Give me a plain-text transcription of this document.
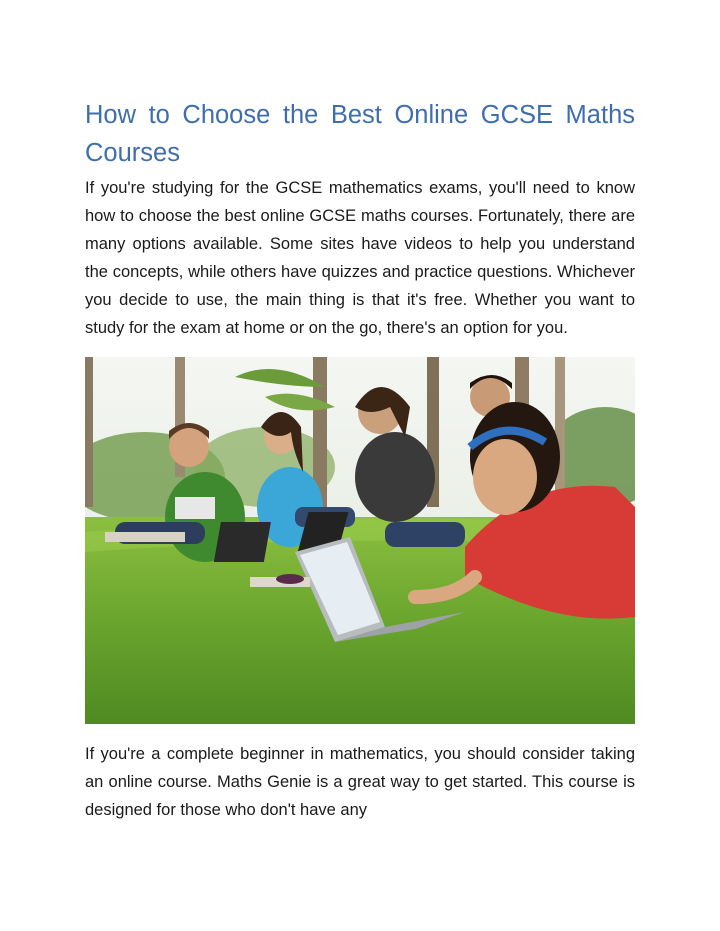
How to Choose the Best Online GCSE Maths Courses

If you're studying for the GCSE mathematics exams, you'll need to know how to choose the best online GCSE maths courses. Fortunately, there are many options available. Some sites have videos to help you understand the concepts, while others have quizzes and practice questions. Whichever you decide to use, the main thing is that it's free. Whether you want to study for the exam at home or on the go, there's an option for you.

If you're a complete beginner in mathematics, you should consider taking an online course. Maths Genie is a great way to get started. This course is designed for those who don't have any
